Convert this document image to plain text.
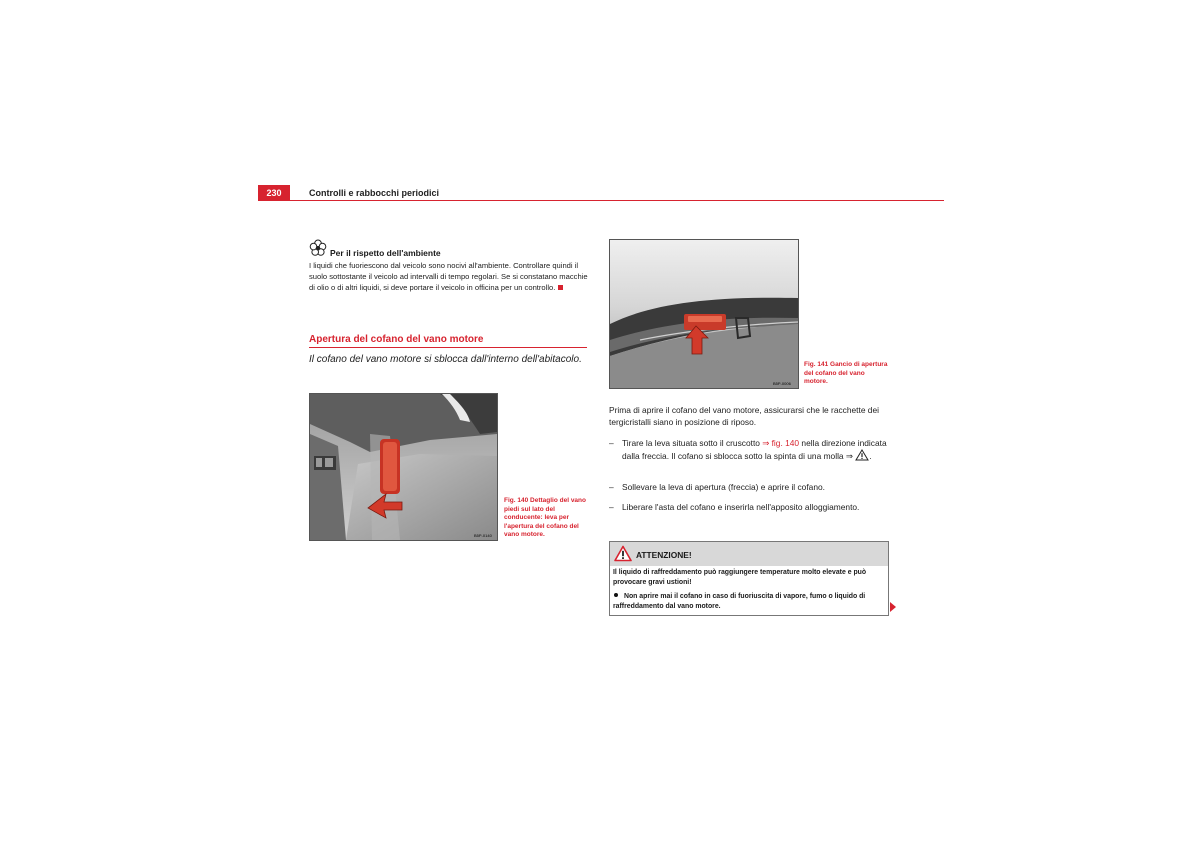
230	Controlli e rabbocchi periodici
Per il rispetto dell'ambiente
I liquidi che fuoriescono dal veicolo sono nocivi all'ambiente. Controllare quindi il suolo sottostante il veicolo ad intervalli di tempo regolari. Se si constatano macchie di olio o di altri liquidi, si deve portare il veicolo in officina per un controllo.
Apertura del cofano del vano motore
Il cofano del vano motore si sblocca dall'interno dell'abitacolo.
B5P-0140
Fig. 140 Dettaglio del vano piedi sul lato del conducente: leva per l'apertura del cofano del vano motore.
B5P-0006
Fig. 141 Gancio di apertura del cofano del vano motore.
Prima di aprire il cofano del vano motore, assicurarsi che le racchette dei tergicristalli siano in posizione di riposo.
– Tirare la leva situata sotto il cruscotto ⇒ fig. 140 nella direzione indicata dalla freccia. Il cofano si sblocca sotto la spinta di una molla ⇒ .
– Sollevare la leva di apertura (freccia) e aprire il cofano.
– Liberare l'asta del cofano e inserirla nell'apposito alloggiamento.
ATTENZIONE!
Il liquido di raffreddamento può raggiungere temperature molto elevate e può provocare gravi ustioni!
Non aprire mai il cofano in caso di fuoriuscita di vapore, fumo o liquido di raffreddamento dal vano motore.
